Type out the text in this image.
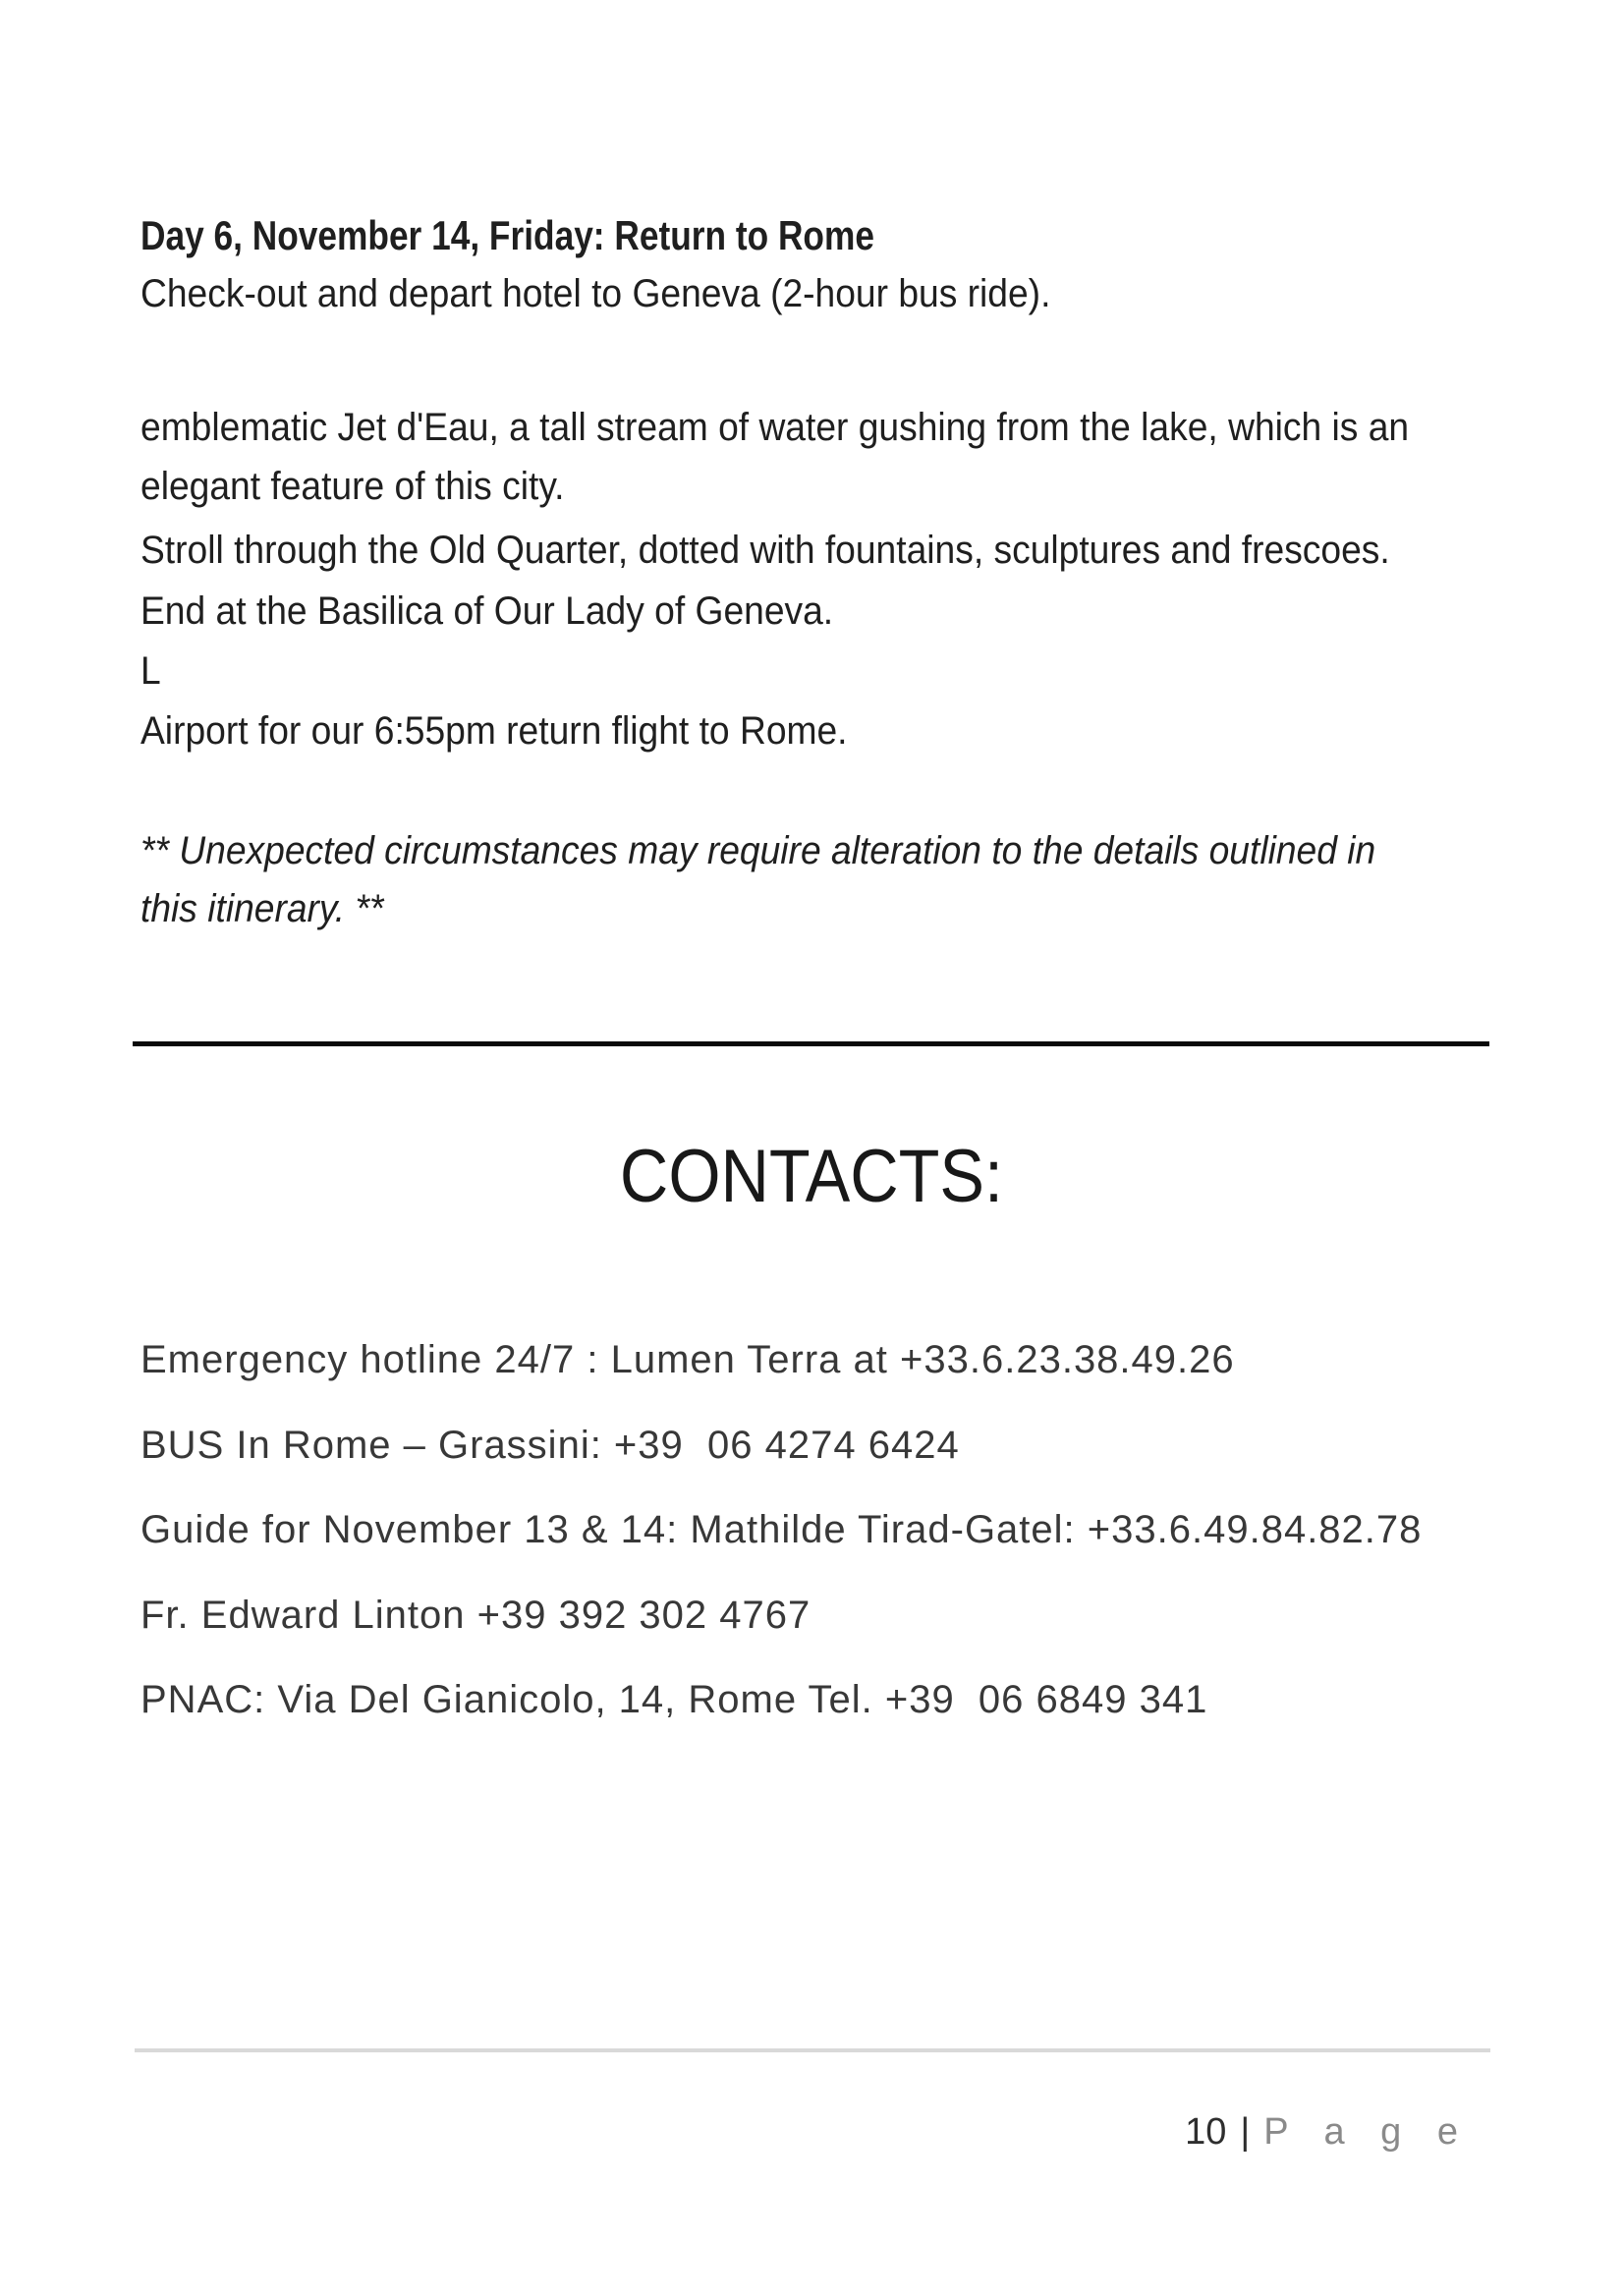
Day 6, November 14, Friday: Return to Rome
Check-out and depart hotel to Geneva (2-hour bus ride).
emblematic Jet d'Eau, a tall stream of water gushing from the lake, which is an
elegant feature of this city.
Stroll through the Old Quarter, dotted with fountains, sculptures and frescoes.
End at the Basilica of Our Lady of Geneva.
L
Airport for our 6:55pm return flight to Rome.
** Unexpected circumstances may require alteration to the details outlined in
this itinerary. **
CONTACTS:
Emergency hotline 24/7 : Lumen Terra at +33.6.23.38.49.26
BUS In Rome – Grassini: +39  06 4274 6424
Guide for November 13 & 14: Mathilde Tirad-Gatel: +33.6.49.84.82.78
Fr. Edward Linton +39 392 302 4767
PNAC: Via Del Gianicolo, 14, Rome Tel. +39  06 6849 341

10 | P a g e
